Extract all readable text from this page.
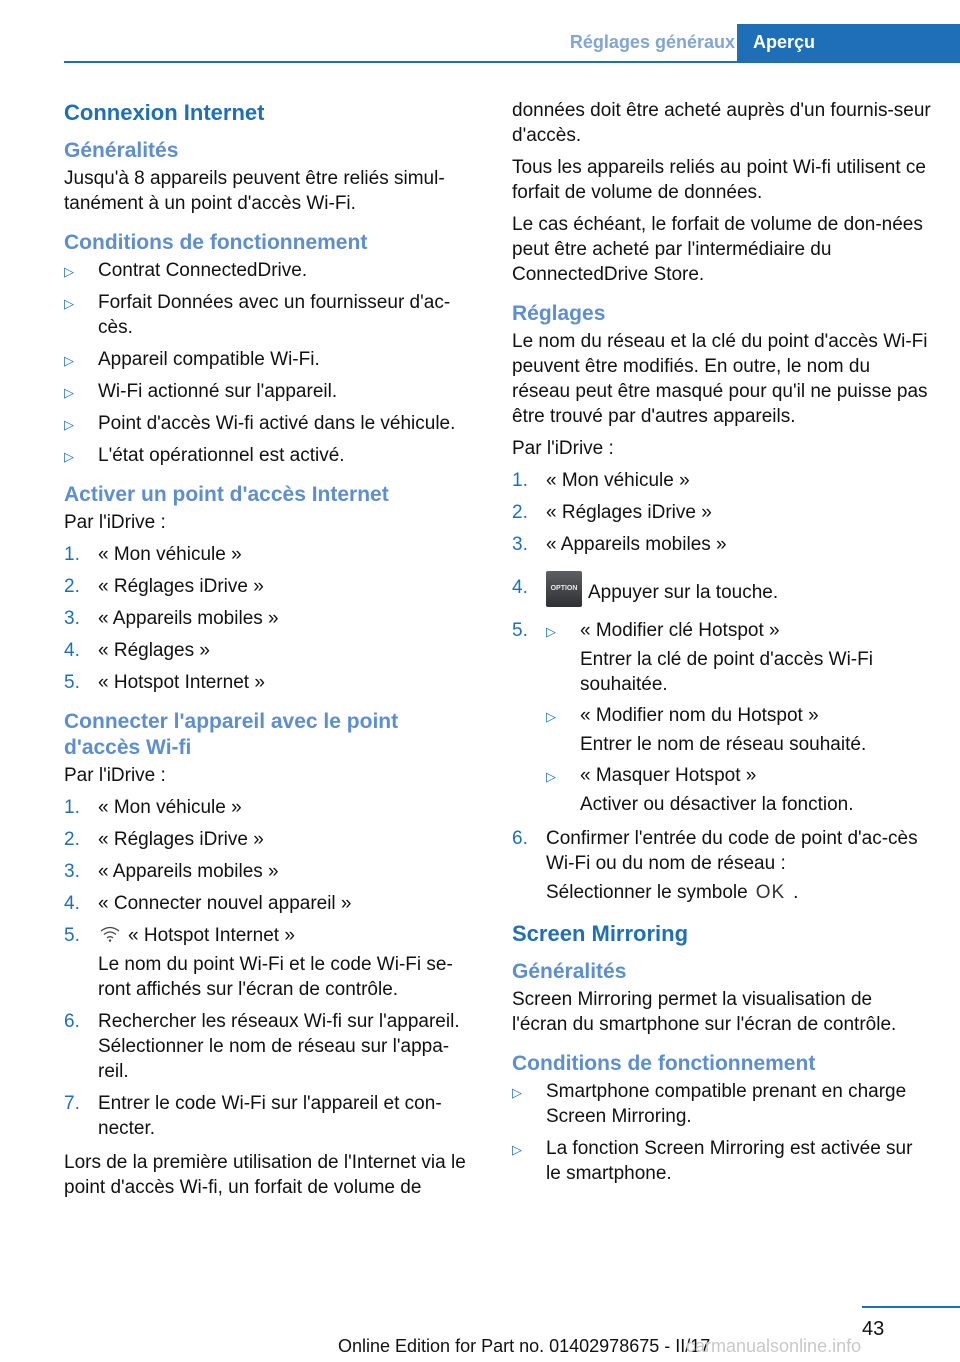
Réglages généraux	Aperçu
Connexion Internet
Généralités

Jusqu'à 8 appareils peuvent être reliés simul‐tanément à un point d'accès Wi-Fi.

Conditions de fonctionnement
▷ Contrat ConnectedDrive.
▷ Forfait Données avec un fournisseur d'ac‐cès.
▷ Appareil compatible Wi-Fi.
▷ Wi-Fi actionné sur l'appareil.
▷ Point d'accès Wi-fi activé dans le véhicule.
▷ L'état opérationnel est activé.
Activer un point d'accès Internet

Par l'iDrive :

1. « Mon véhicule »
2. « Réglages iDrive »
3. « Appareils mobiles »
4. « Réglages »
5. « Hotspot Internet »
Connecter l'appareil avec le point d'accès Wi-fi

Par l'iDrive :

1. « Mon véhicule »
2. « Réglages iDrive »
3. « Appareils mobiles »
4. « Connecter nouvel appareil »
5.	« Hotspot Internet »
Le nom du point Wi-Fi et le code Wi-Fi se‐ront affichés sur l'écran de contrôle.
6. Rechercher les réseaux Wi-fi sur l'appareil.
Sélectionner le nom de réseau sur l'appa‐reil.
7. Entrer le code Wi-Fi sur l'appareil et con‐necter.

Lors de la première utilisation de l'Internet via le point d'accès Wi-fi, un forfait de volume de

données doit être acheté auprès d'un fournis‐seur d'accès.

Tous les appareils reliés au point Wi-fi utilisent ce forfait de volume de données.

Le cas échéant, le forfait de volume de don‐nées peut être acheté par l'intermédiaire du ConnectedDrive Store.

Réglages

Le nom du réseau et la clé du point d'accès Wi-Fi peuvent être modifiés. En outre, le nom du réseau peut être masqué pour qu'il ne puisse pas être trouvé par d'autres appareils.

Par l'iDrive :

1. « Mon véhicule »
2. « Réglages iDrive »
3. « Appareils mobiles »
4.	OPTION Appuyer sur la touche.
5. ▷ « Modifier clé Hotspot »
Entrer la clé de point d'accès Wi-Fi souhaitée.
▷ « Modifier nom du Hotspot »
Entrer le nom de réseau souhaité.
▷ « Masquer Hotspot »
Activer ou désactiver la fonction.
6. Confirmer l'entrée du code de point d'ac‐cès Wi-Fi ou du nom de réseau :
Sélectionner le symbole OK .
Screen Mirroring
Généralités

Screen Mirroring permet la visualisation de l'écran du smartphone sur l'écran de contrôle.

Conditions de fonctionnement
▷ Smartphone compatible prenant en charge Screen Mirroring.
▷ La fonction Screen Mirroring est activée sur le smartphone.
43
Online Edition for Part no. 01402978675 - II/17
carmanualsonline.info
